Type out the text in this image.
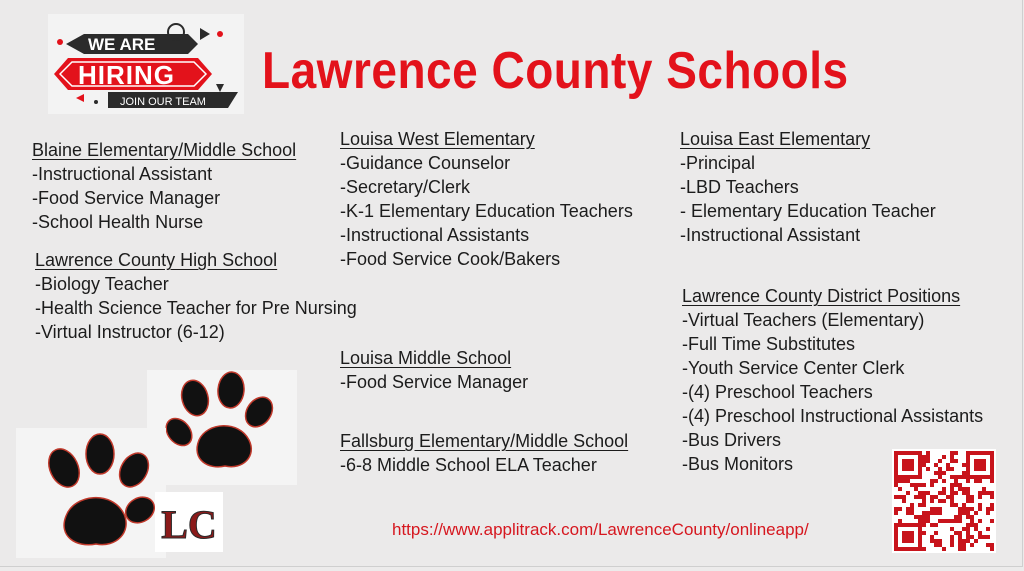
WE ARE
HIRING
JOIN OUR TEAM
Lawrence County Schools
Blaine Elementary/Middle School
-Instructional Assistant
-Food Service Manager
-School Health Nurse
Lawrence County High School
-Biology Teacher
-Health Science Teacher for Pre Nursing
-Virtual Instructor (6-12)
Louisa West Elementary
-Guidance Counselor
-Secretary/Clerk
-K-1 Elementary Education Teachers
-Instructional Assistants
-Food Service Cook/Bakers
Louisa Middle School
-Food Service Manager
Fallsburg Elementary/Middle School
-6-8 Middle School ELA Teacher
Louisa East Elementary
-Principal
-LBD Teachers
- Elementary Education Teacher
-Instructional Assistant
Lawrence County District Positions
-Virtual Teachers (Elementary)
-Full Time Substitutes
-Youth Service Center Clerk
-(4) Preschool Teachers
-(4) Preschool Instructional Assistants
-Bus Drivers
-Bus Monitors
LC	https://www.applitrack.com/LawrenceCounty/onlineapp/
